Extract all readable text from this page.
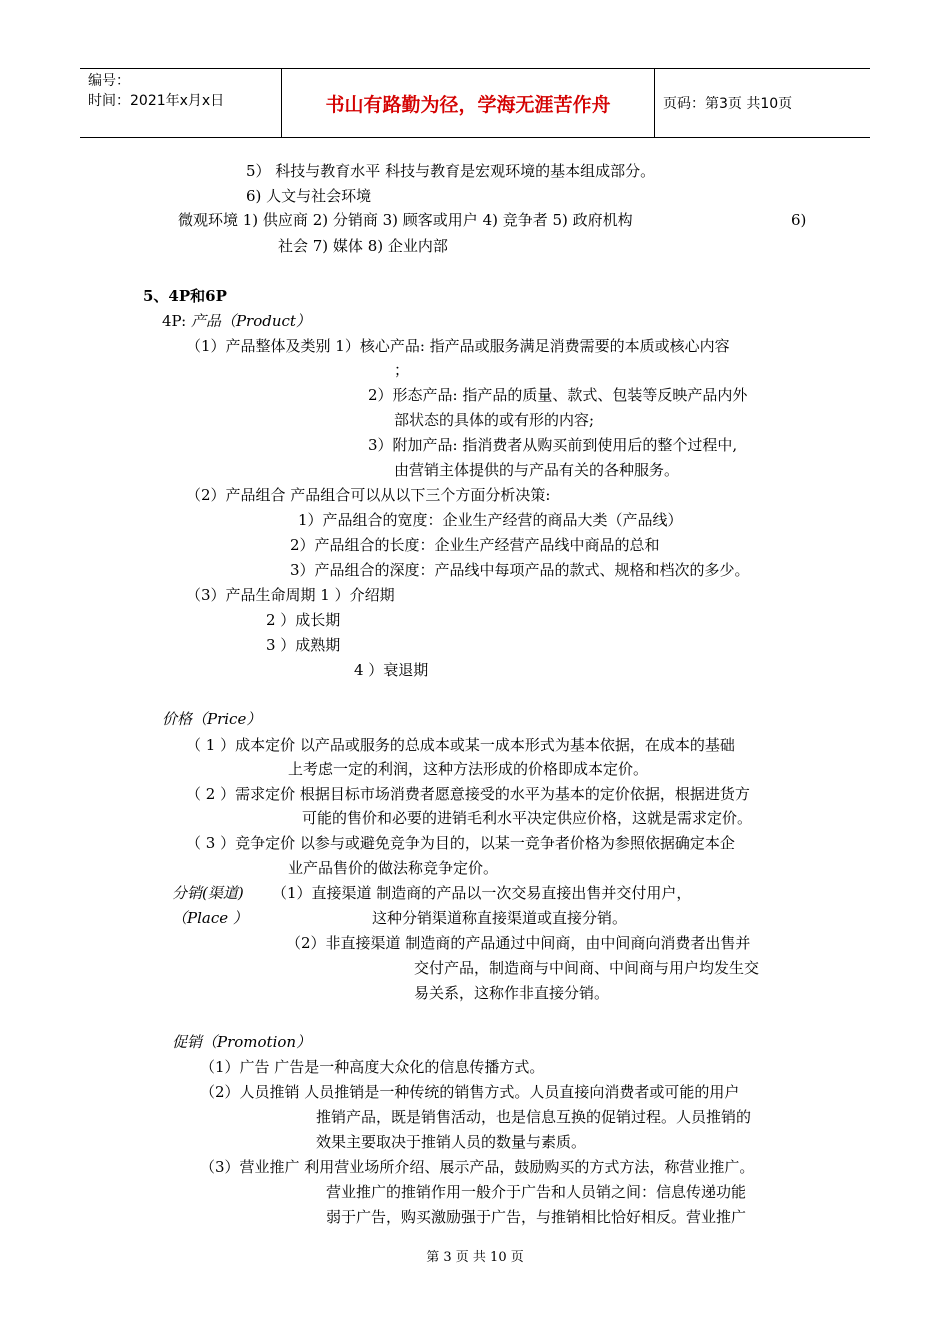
编号：
时间：2021年x月x日	书山有路勤为径，学海无涯苦作舟	页码：第3页 共10页
5） 科技与教育水平 科技与教育是宏观环境的基本组成部分。
6) 人文与社会环境
微观环境 1) 供应商 2) 分销商 3) 顾客或用户 4) 竞争者 5) 政府机构	6)
社会 7) 媒体 8) 企业内部
5、4P和6P
4P: 产品（Product）
（1）产品整体及类别 1）核心产品: 指产品或服务满足消费需要的本质或核心内容
；
2）形态产品: 指产品的质量、款式、包装等反映产品内外
部状态的具体的或有形的内容;
3）附加产品: 指消费者从购买前到使用后的整个过程中,
由营销主体提供的与产品有关的各种服务。
（2）产品组合 产品组合可以从以下三个方面分析决策:
1）产品组合的宽度：企业生产经营的商品大类（产品线）
2）产品组合的长度：企业生产经营产品线中商品的总和
3）产品组合的深度：产品线中每项产品的款式、规格和档次的多少。
（3）产品生命周期 1 ）介绍期
2 ）成长期
3 ）成熟期
4 ）衰退期
价格（Price）
（ 1 ）成本定价 以产品或服务的总成本或某一成本形式为基本依据，在成本的基础
上考虑一定的利润，这种方法形成的价格即成本定价。
（ 2 ）需求定价 根据目标市场消费者愿意接受的水平为基本的定价依据，根据进货方
可能的售价和必要的进销毛利水平决定供应价格，这就是需求定价。
（ 3 ）竞争定价 以参与或避免竞争为目的，以某一竞争者价格为参照依据确定本企
业产品售价的做法称竞争定价。
分销(渠道) （1）直接渠道 制造商的产品以一次交易直接出售并交付用户，
（Place ）	这种分销渠道称直接渠道或直接分销。
（2）非直接渠道 制造商的产品通过中间商，由中间商向消费者出售并
交付产品，制造商与中间商、中间商与用户均发生交
易关系，这称作非直接分销。
促销（Promotion）
（1）广告 广告是一种高度大众化的信息传播方式。
（2）人员推销 人员推销是一种传统的销售方式。人员直接向消费者或可能的用户
推销产品，既是销售活动，也是信息互换的促销过程。人员推销的
效果主要取决于推销人员的数量与素质。
（3）营业推广 利用营业场所介绍、展示产品，鼓励购买的方式方法，称营业推广。
营业推广的推销作用一般介于广告和人员销之间：信息传递功能
弱于广告，购买激励强于广告，与推销相比恰好相反。营业推广
第 3 页 共 10 页
